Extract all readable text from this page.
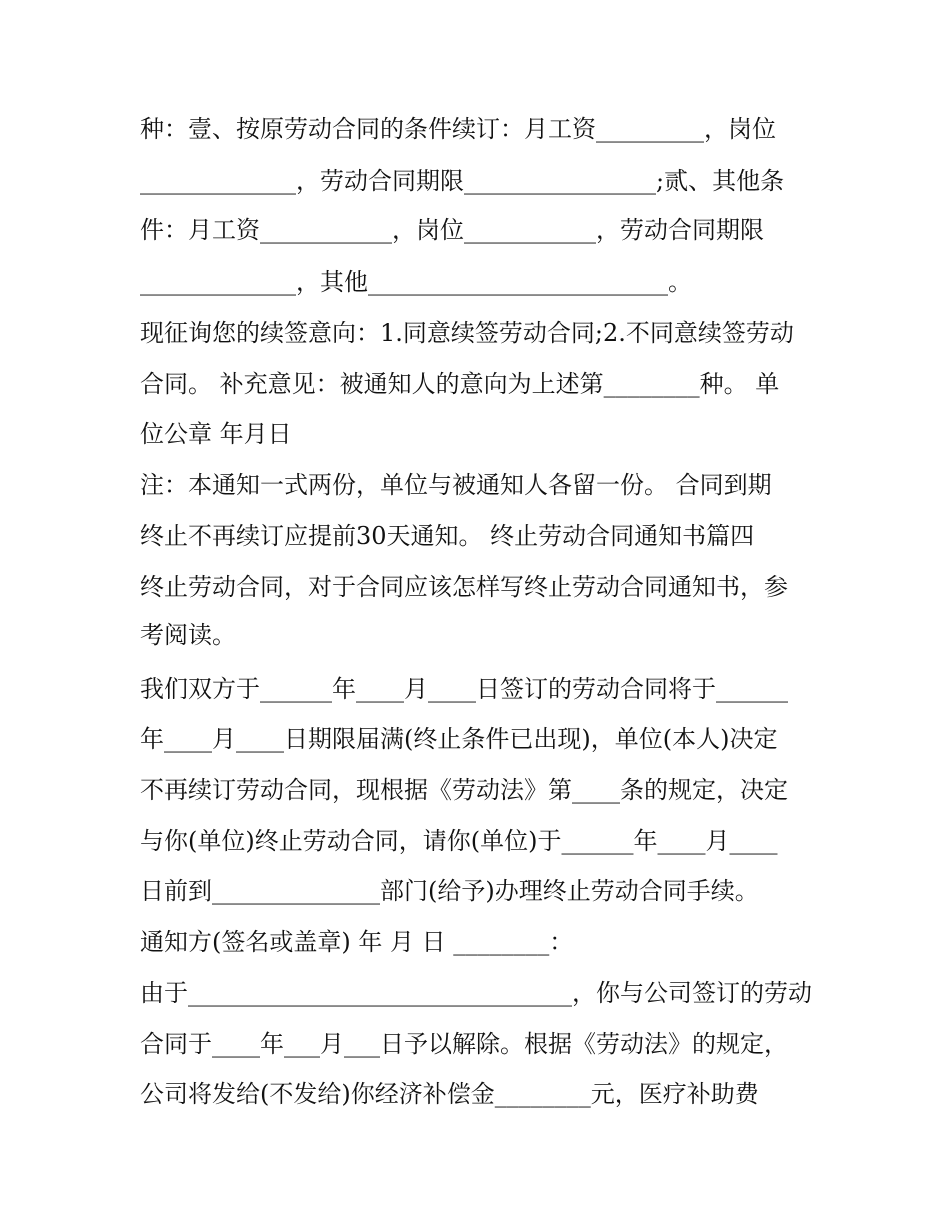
种：壹、按原劳动合同的条件续订：月工资_________，岗位
_____________，劳动合同期限________________;贰、其他条
件：月工资___________，岗位___________，劳动合同期限
_____________，其他_________________________。
现征询您的续签意向：1.同意续签劳动合同;2.不同意续签劳动
合同。 补充意见：被通知人的意向为上述第________种。 单
位公章 年月日
注：本通知一式两份，单位与被通知人各留一份。 合同到期
终止不再续订应提前30天通知。 终止劳动合同通知书篇四
终止劳动合同，对于合同应该怎样写终止劳动合同通知书，参
考阅读。
我们双方于______年____月____日签订的劳动合同将于______
年____月____日期限届满(终止条件已出现)，单位(本人)决定
不再续订劳动合同，现根据《劳动法》第____条的规定，决定
与你(单位)终止劳动合同，请你(单位)于______年____月____
日前到______________部门(给予)办理终止劳动合同手续。
通知方(签名或盖章) 年 月 日 ________：
由于________________________________，你与公司签订的劳动
合同于____年___月___日予以解除。根据《劳动法》的规定，
公司将发给(不发给)你经济补偿金________元，医疗补助费
